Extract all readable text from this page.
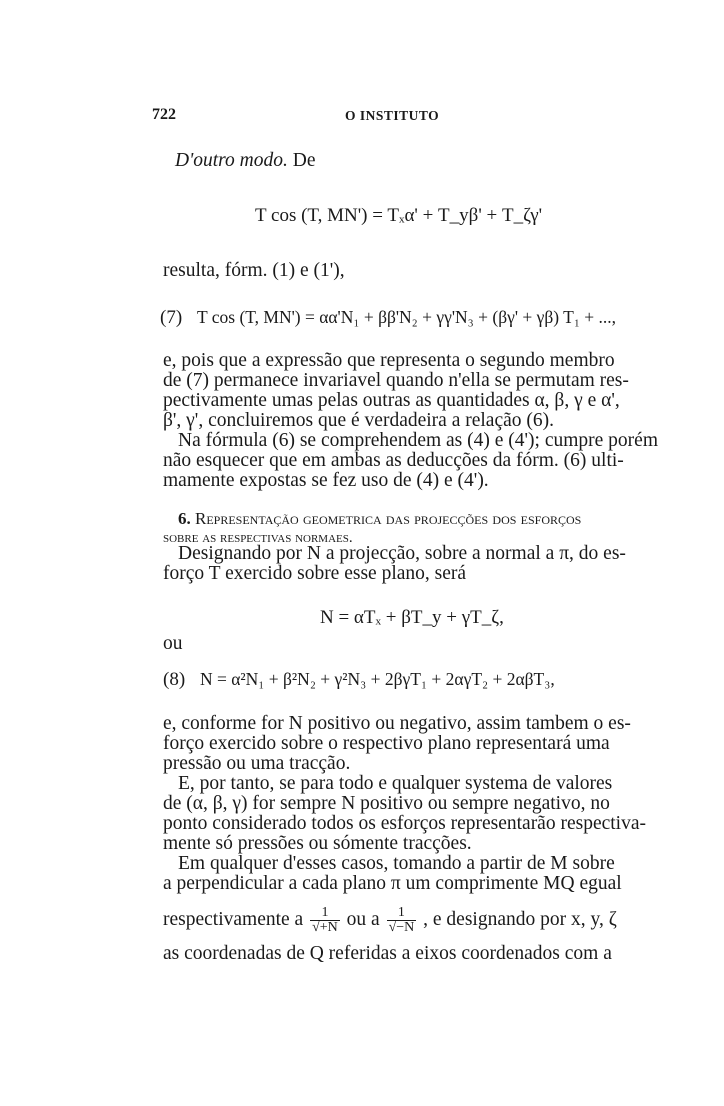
722	O INSTITUTO
D'outro modo. De
T cos (T, MN') = Tₓα' + T_yβ' + T_ζγ'
resulta, fórm. (1) e (1'),
(7) T cos (T, MN') = αα'N₁ + ββ'N₂ + γγ'N₃ + (βγ' + γβ) T₁ + ...,
e, pois que a expressão que representa o segundo membro
de (7) permanece invariavel quando n'ella se permutam res-
pectivamente umas pelas outras as quantidades α, β, γ e α',
β', γ', concluiremos que é verdadeira a relação (6).
Na fórmula (6) se comprehendem as (4) e (4'); cumpre porém
não esquecer que em ambas as deducções da fórm. (6) ulti-
mamente expostas se fez uso de (4) e (4').
6. Representação geometrica das projecções dos esforços
sobre as respectivas normaes.
Designando por N a projecção, sobre a normal a π, do es-
forço T exercido sobre esse plano, será
N = αTₓ + βT_y + γT_ζ,
ou
(8) N = α²N₁ + β²N₂ + γ²N₃ + 2βγT₁ + 2αγT₂ + 2αβT₃,
e, conforme for N positivo ou negativo, assim tambem o es-
forço exercido sobre o respectivo plano representará uma
pressão ou uma tracção.
E, por tanto, se para todo e qualquer systema de valores
de (α, β, γ) for sempre N positivo ou sempre negativo, no
ponto considerado todos os esforços representarão respectiva-
mente só pressões ou sómente tracções.
Em qualquer d'esses casos, tomando a partir de M sobre
a perpendicular a cada plano π um comprimente MQ egual
respectivamente a $\frac{1}{√+N}$ ou a $\frac{1}{√-N}$ , e designando por x, y, ζ
as coordenadas de Q referidas a eixos coordenados com a
